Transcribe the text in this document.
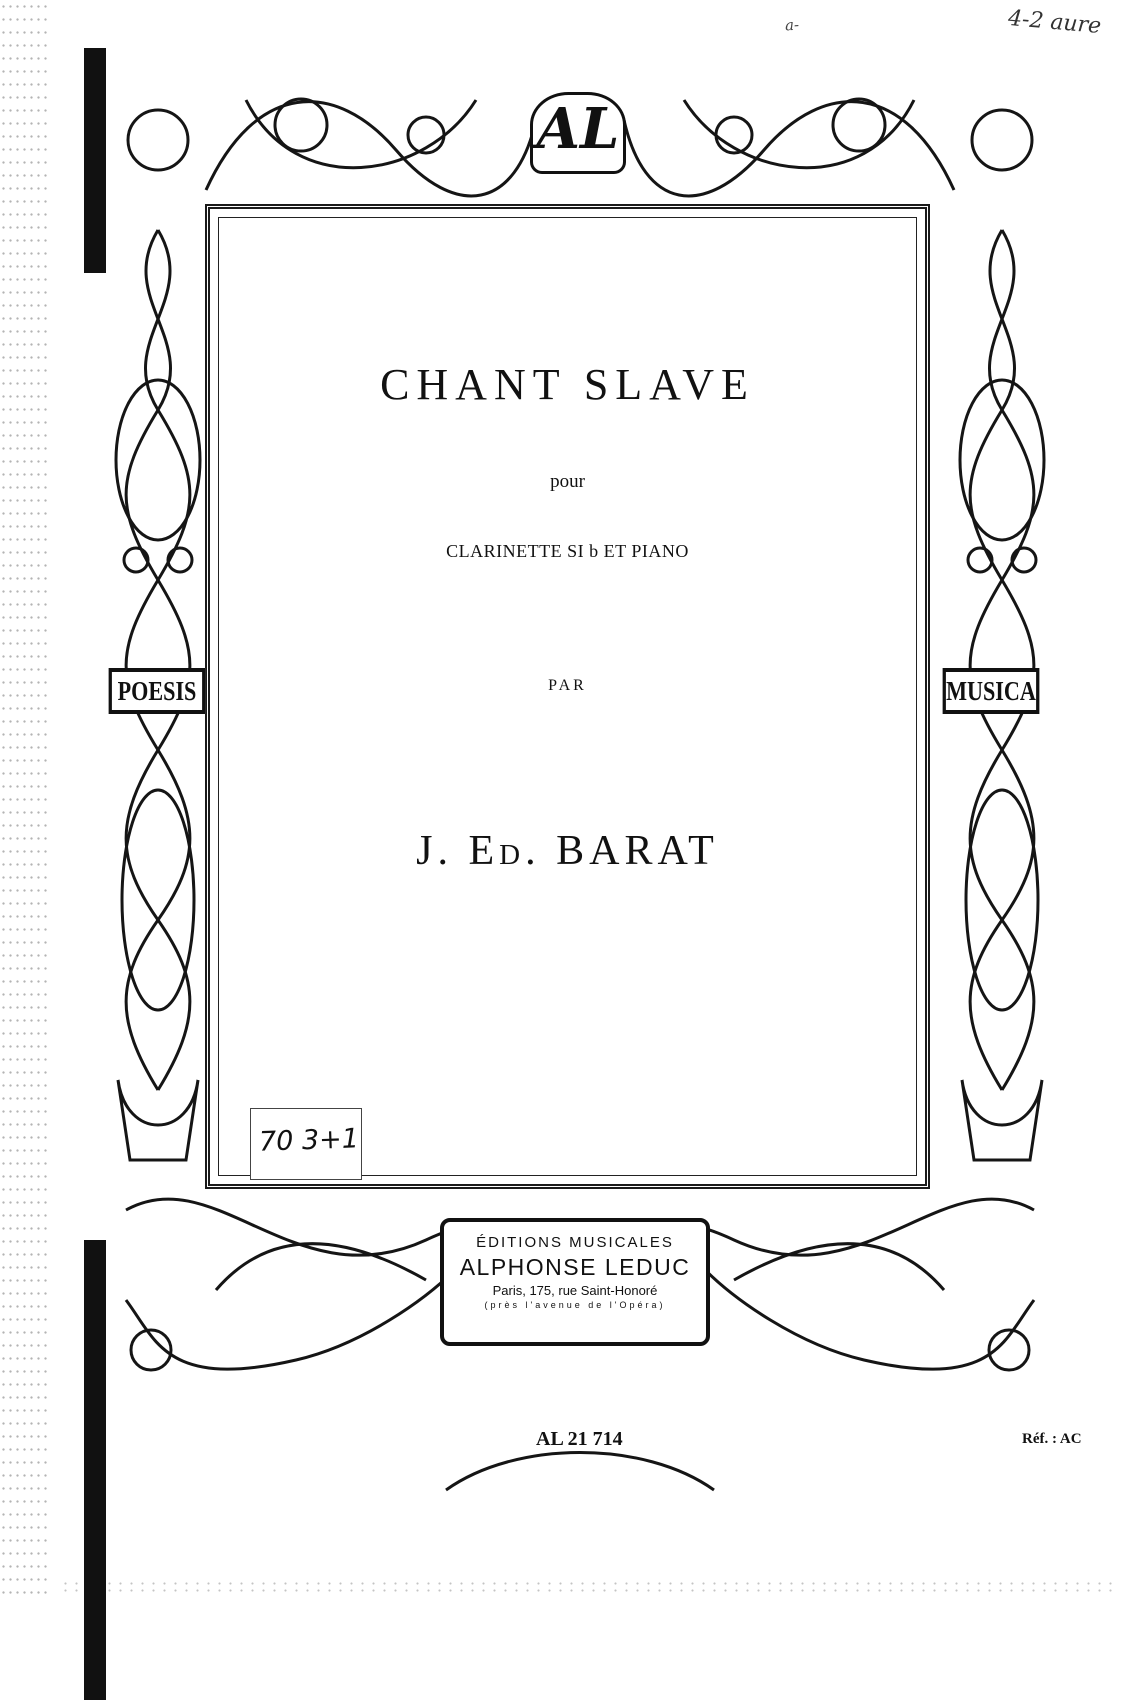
a-	4-2 aure
AL
CHANT SLAVE
pour
CLARINETTE SI b ET PIANO
PAR
J. Ed. BARAT
POESIS	MUSICA
70 3+1
ÉDITIONS MUSICALES
ALPHONSE LEDUC
Paris, 175, rue Saint-Honoré
(près l'avenue de l'Opéra)
AL 21 714	Réf. : AC
